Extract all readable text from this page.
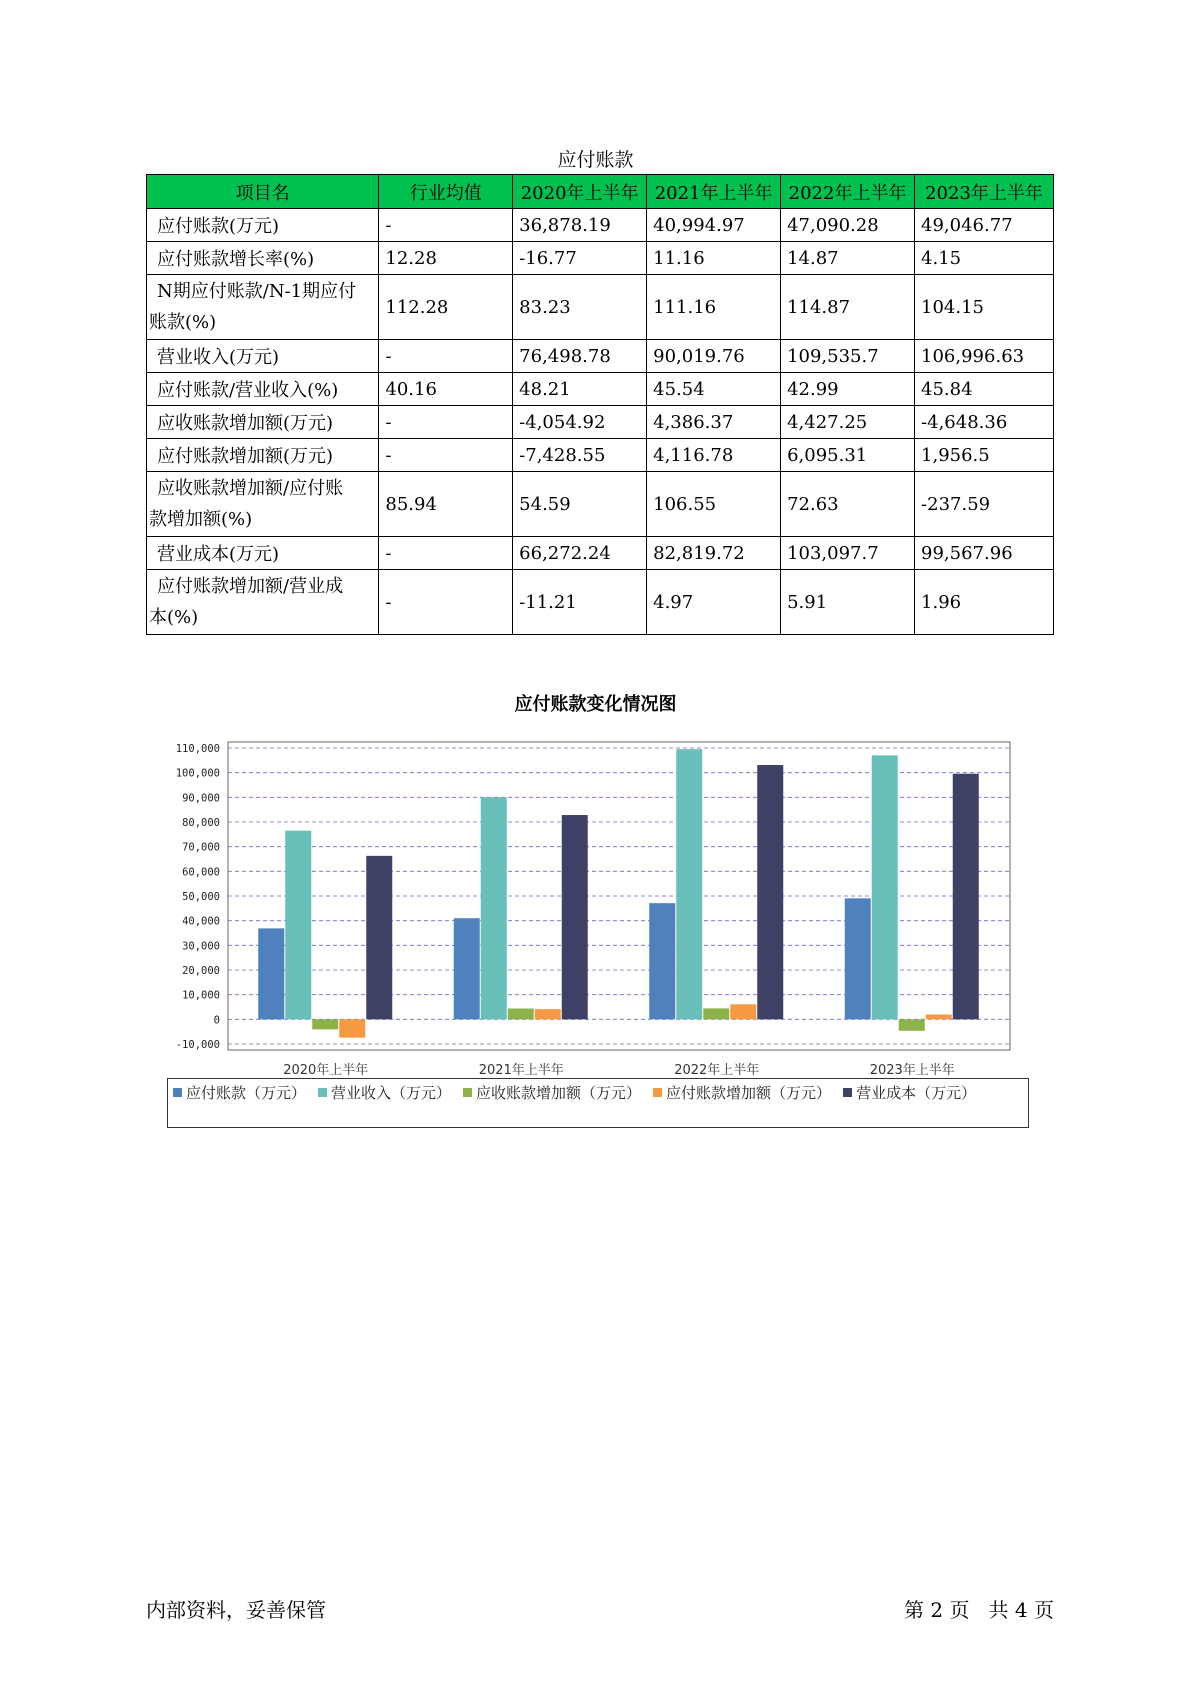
应付账款
项目名	行业均值	2020年上半年	2021年上半年	2022年上半年	2023年上半年
应付账款(万元)	-	36,878.19	40,994.97	47,090.28	49,046.77
应付账款增长率(%)	12.28	-16.77	11.16	14.87	4.15
N期应付账款/N-1期应付
账款(%)	112.28	83.23	111.16	114.87	104.15
营业收入(万元)	-	76,498.78	90,019.76	109,535.7	106,996.63
应付账款/营业收入(%)	40.16	48.21	45.54	42.99	45.84
应收账款增加额(万元)	-	-4,054.92	4,386.37	4,427.25	-4,648.36
应付账款增加额(万元)	-	-7,428.55	4,116.78	6,095.31	1,956.5
应收账款增加额/应付账
款增加额(%)	85.94	54.59	106.55	72.63	-237.59
营业成本(万元)	-	66,272.24	82,819.72	103,097.7	99,567.96
应付账款增加额/营业成
本(%)	-	-11.21	4.97	5.91	1.96
应付账款变化情况图
110,000
100,000
90,000
80,000
70,000
60,000
50,000
40,000
30,000
20,000
10,000
0
-10,000
2020年上半年	2021年上半年	2022年上半年	2023年上半年
应付账款（万元） 营业收入（万元） 应收账款增加额（万元） 应付账款增加额（万元） 营业成本（万元）
内部资料，妥善保管	第 2 页   共 4 页
